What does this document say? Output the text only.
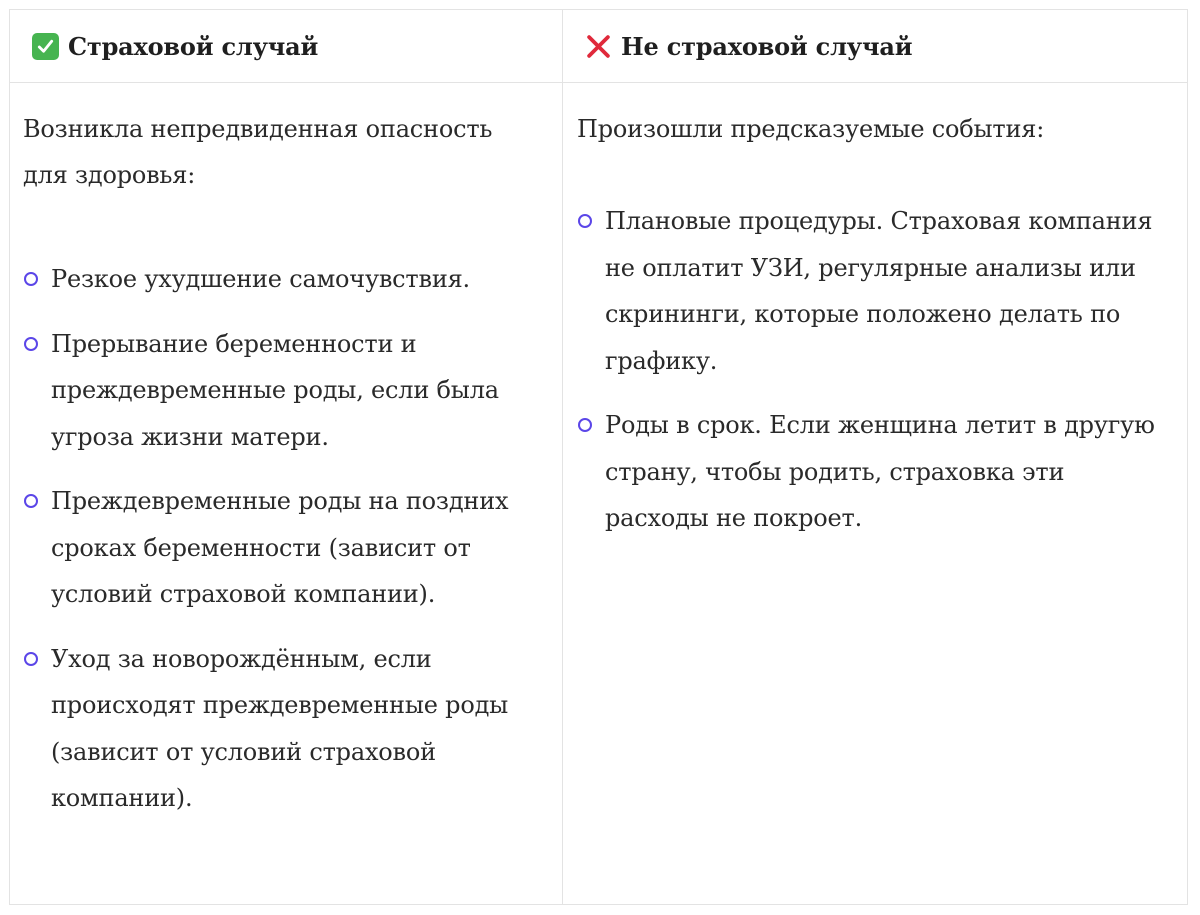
Страховой случай	Не страховой случай

Возникла непредвиденная опасность для здоровья:

Резкое ухудшение самочувствия.
Прерывание беременности и преждевременные роды, если была угроза жизни матери.
Преждевременные роды на поздних сроках беременности (зависит от условий страховой компании).
Уход за новорождённым, если происходят преждевременные роды (зависит от условий страховой компании).

Произошли предсказуемые события:

Плановые процедуры. Страховая компания не оплатит УЗИ, регулярные анализы или скрининги, которые положено делать по графику.
Роды в срок. Если женщина летит в другую страну, чтобы родить, страховка эти расходы не покроет.
